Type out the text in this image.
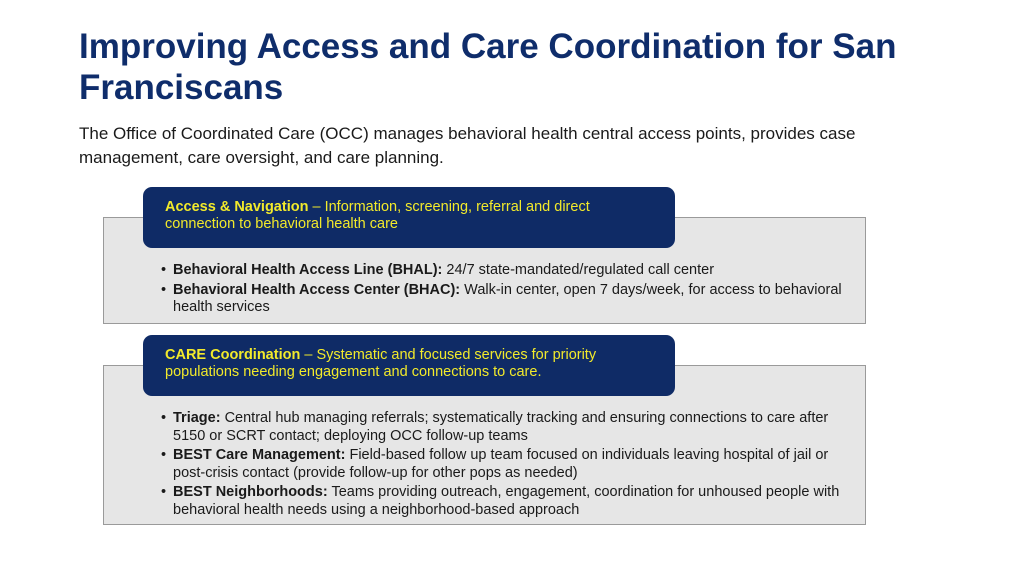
Improving Access and Care Coordination for San Franciscans

The Office of Coordinated Care (OCC) manages behavioral health central access points, provides case management, care oversight, and care planning.

Access & Navigation – Information, screening, referral and direct connection to behavioral health care
• Behavioral Health Access Line (BHAL): 24/7 state-mandated/regulated call center
• Behavioral Health Access Center (BHAC): Walk-in center, open 7 days/week, for access to behavioral health services
CARE Coordination – Systematic and focused services for priority populations needing engagement and connections to care.
• Triage: Central hub managing referrals; systematically tracking and ensuring connections to care after 5150 or SCRT contact; deploying OCC follow-up teams
• BEST Care Management: Field-based follow up team focused on individuals leaving hospital of jail or post-crisis contact (provide follow-up for other pops as needed)
• BEST Neighborhoods: Teams providing outreach, engagement, coordination for unhoused people with behavioral health needs using a neighborhood-based approach
